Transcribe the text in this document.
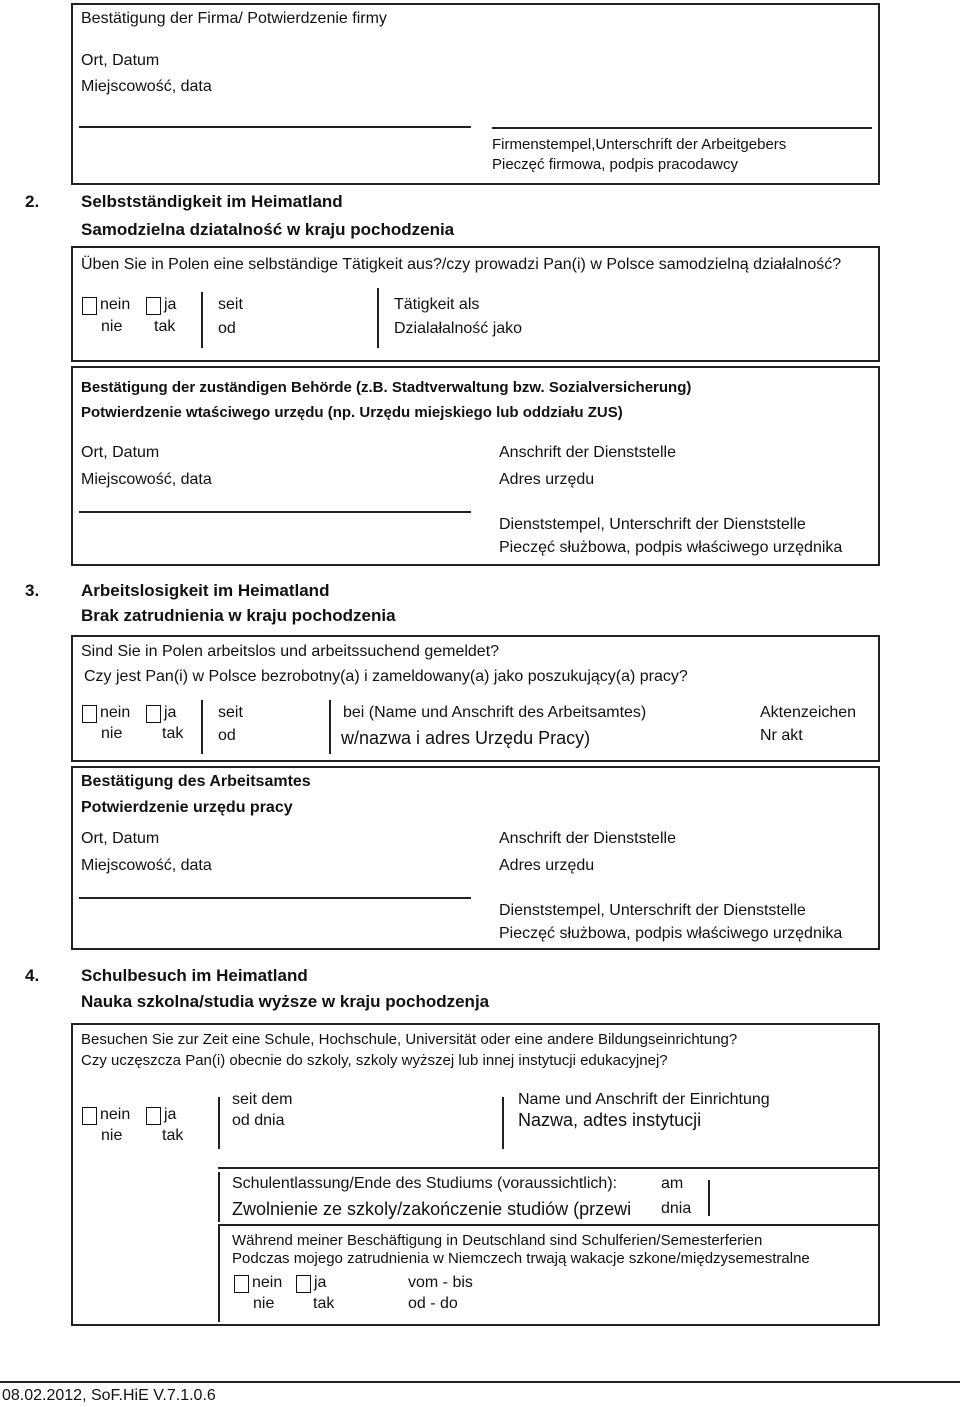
Bestätigung der Firma/ Potwierdzenie firmy
Ort, Datum
Miejscowość, data
Firmenstempel,Unterschrift der Arbeitgebers
Pieczęć firmowa, podpis pracodawcy
2. Selbstständigkeit im Heimatland
Samodzielna dziatalność w kraju pochodzenia
Üben Sie in Polen eine selbständige Tätigkeit aus?/czy prowadzi Pan(i) w Polsce samodzielną działalność?
nein ja
nie tak
seit
od
Tätigkeit als
Dzialałalność jako
Bestätigung der zuständigen Behörde (z.B. Stadtverwaltung bzw. Sozialversicherung)
Potwierdzenie wtaściwego urzędu (np. Urzędu miejskiego lub oddziału ZUS)
Ort, Datum
Miejscowość, data
Anschrift der Dienststelle
Adres urzędu
Dienststempel, Unterschrift der Dienststelle
Pieczęć służbowa, podpis właściwego urzędnika
3. Arbeitslosigkeit im Heimatland
Brak zatrudnienia w kraju pochodzenia
Sind Sie in Polen arbeitslos und arbeitssuchend gemeldet?
Czy jest Pan(i) w Polsce bezrobotny(a) i zameldowany(a) jako poszukujący(a) pracy?
nein ja
nie tak
seit
od
bei (Name und Anschrift des Arbeitsamtes)
w/nazwa i adres Urzędu Pracy)
Aktenzeichen
Nr akt
Bestätigung des Arbeitsamtes
Potwierdzenie urzędu pracy
Ort, Datum
Miejscowość, data
Anschrift der Dienststelle
Adres urzędu
Dienststempel, Unterschrift der Dienststelle
Pieczęć służbowa, podpis właściwego urzędnika
4. Schulbesuch im Heimatland
Nauka szkolna/studia wyższe w kraju pochodzenja
Besuchen Sie zur Zeit eine Schule, Hochschule, Universität oder eine andere Bildungseinrichtung?
Czy uczęszcza Pan(i) obecnie do szkoly, szkoly wyższej lub innej instytucji edukacyjnej?
nein ja
nie tak
seit dem
od dnia
Name und Anschrift der Einrichtung
Nazwa, adtes instytucji
Schulentlassung/Ende des Studiums (voraussichtlich):
Zwolnienie ze szkoly/zakończenie studiów (przewi
am
dnia
Während meiner Beschäftigung in Deutschland sind Schulferien/Semesterferien
Podczas mojego zatrudnienia w Niemczech trwają wakacje szkone/międzysemestralne
nein ja
nie tak
vom - bis
od - do
08.02.2012, SoF.HiE V.7.1.0.6
